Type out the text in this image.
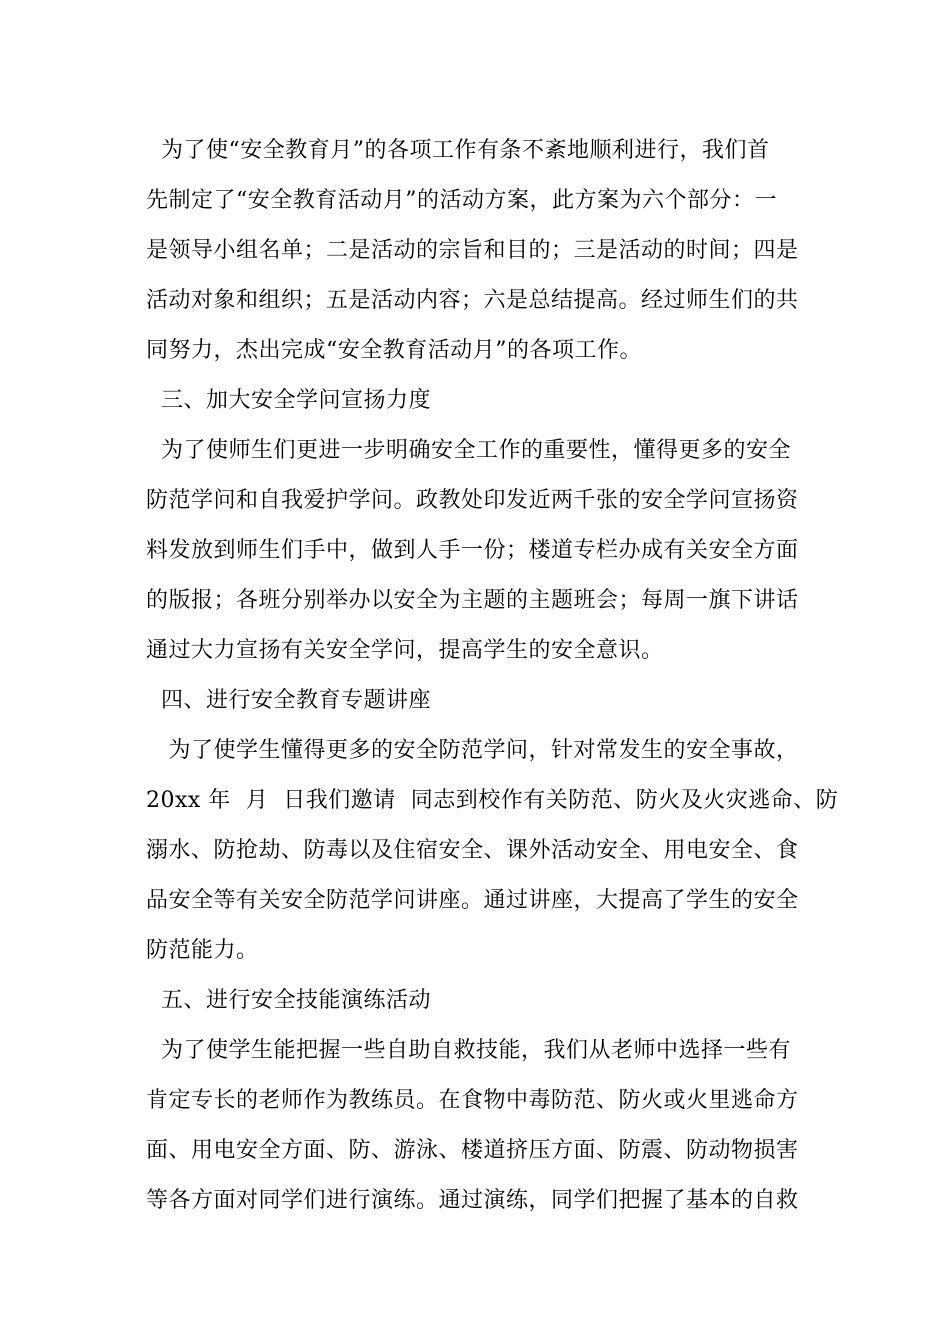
为了使“安全教育月”的各项工作有条不紊地顺利进行，我们首
先制定了“安全教育活动月”的活动方案，此方案为六个部分：一
是领导小组名单；二是活动的宗旨和目的；三是活动的时间；四是
活动对象和组织；五是活动内容；六是总结提高。经过师生们的共
同努力，杰出完成“安全教育活动月”的各项工作。
三、加大安全学问宣扬力度
为了使师生们更进一步明确安全工作的重要性，懂得更多的安全
防范学问和自我爱护学问。政教处印发近两千张的安全学问宣扬资
料发放到师生们手中，做到人手一份；楼道专栏办成有关安全方面
的版报；各班分别举办以安全为主题的主题班会；每周一旗下讲话
通过大力宣扬有关安全学问，提高学生的安全意识。
四、进行安全教育专题讲座
为了使学生懂得更多的安全防范学问，针对常发生的安全事故，
20xx 年  月  日我们邀请  同志到校作有关防范、防火及火灾逃命、防
溺水、防抢劫、防毒以及住宿安全、课外活动安全、用电安全、食
品安全等有关安全防范学问讲座。通过讲座，大提高了学生的安全
防范能力。
五、进行安全技能演练活动
为了使学生能把握一些自助自救技能，我们从老师中选择一些有
肯定专长的老师作为教练员。在食物中毒防范、防火或火里逃命方
面、用电安全方面、防、游泳、楼道挤压方面、防震、防动物损害
等各方面对同学们进行演练。通过演练，同学们把握了基本的自救
